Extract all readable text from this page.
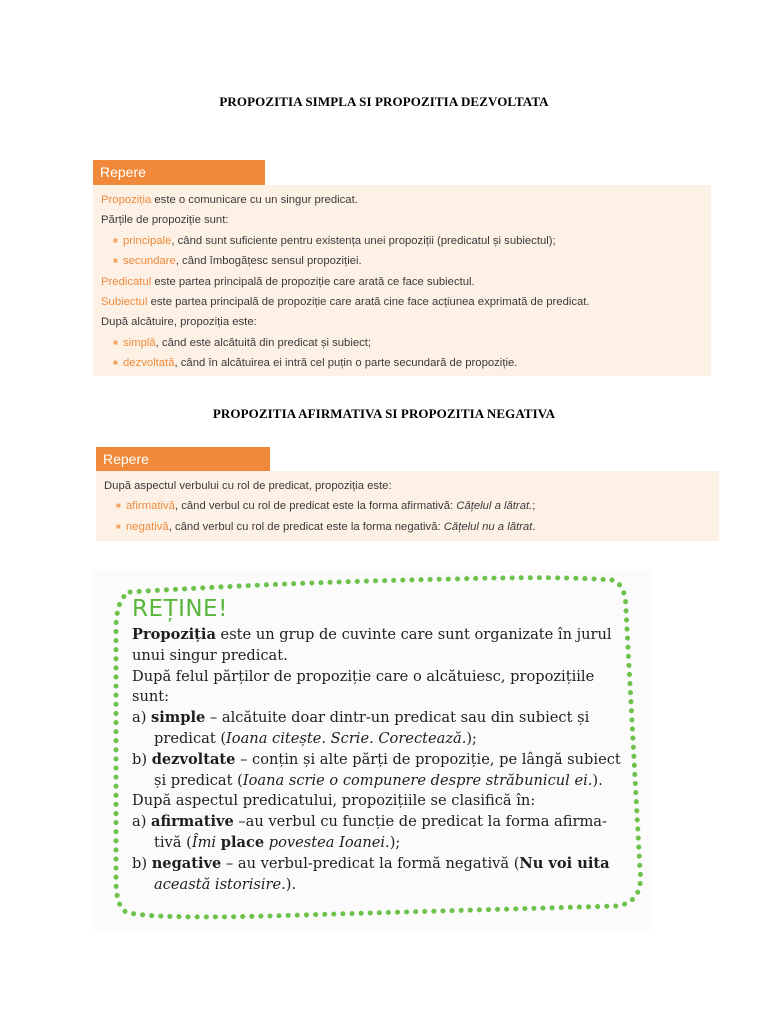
PROPOZITIA SIMPLA SI PROPOZITIA DEZVOLTATA
Repere
Propoziția este o comunicare cu un singur predicat.
Părțile de propoziție sunt:
■ principale, când sunt suficiente pentru existența unei propoziții (predicatul și subiectul);
■ secundare, când îmbogățesc sensul propoziției.
Predicatul este partea principală de propoziție care arată ce face subiectul.
Subiectul este partea principală de propoziție care arată cine face acțiunea exprimată de predicat.
După alcătuire, propoziția este:
■ simplă, când este alcătuită din predicat și subiect;
■ dezvoltată, când în alcătuirea ei intră cel puțin o parte secundară de propoziție.
PROPOZITIA AFIRMATIVA SI PROPOZITIA NEGATIVA
Repere
După aspectul verbului cu rol de predicat, propoziția este:
■ afirmativă, când verbul cu rol de predicat este la forma afirmativă: Cățelul a lătrat.;
■ negativă, când verbul cu rol de predicat este la forma negativă: Cățelul nu a lătrat.
REȚINE!
Propoziția este un grup de cuvinte care sunt organizate în jurul
unui singur predicat.
După felul părților de propoziție care o alcătuiesc, propozițiile
sunt:
a) simple – alcătuite doar dintr-un predicat sau din subiect și
predicat (Ioana citește. Scrie. Corectează.);
b) dezvoltate – conțin și alte părți de propoziție, pe lângă subiect
și predicat (Ioana scrie o compunere despre străbunicul ei.).
După aspectul predicatului, propozițiile se clasifică în:
a) afirmative –au verbul cu funcție de predicat la forma afirma-
tivă (Îmi place povestea Ioanei.);
b) negative – au verbul-predicat la formă negativă (Nu voi uita
această istorisire.).
